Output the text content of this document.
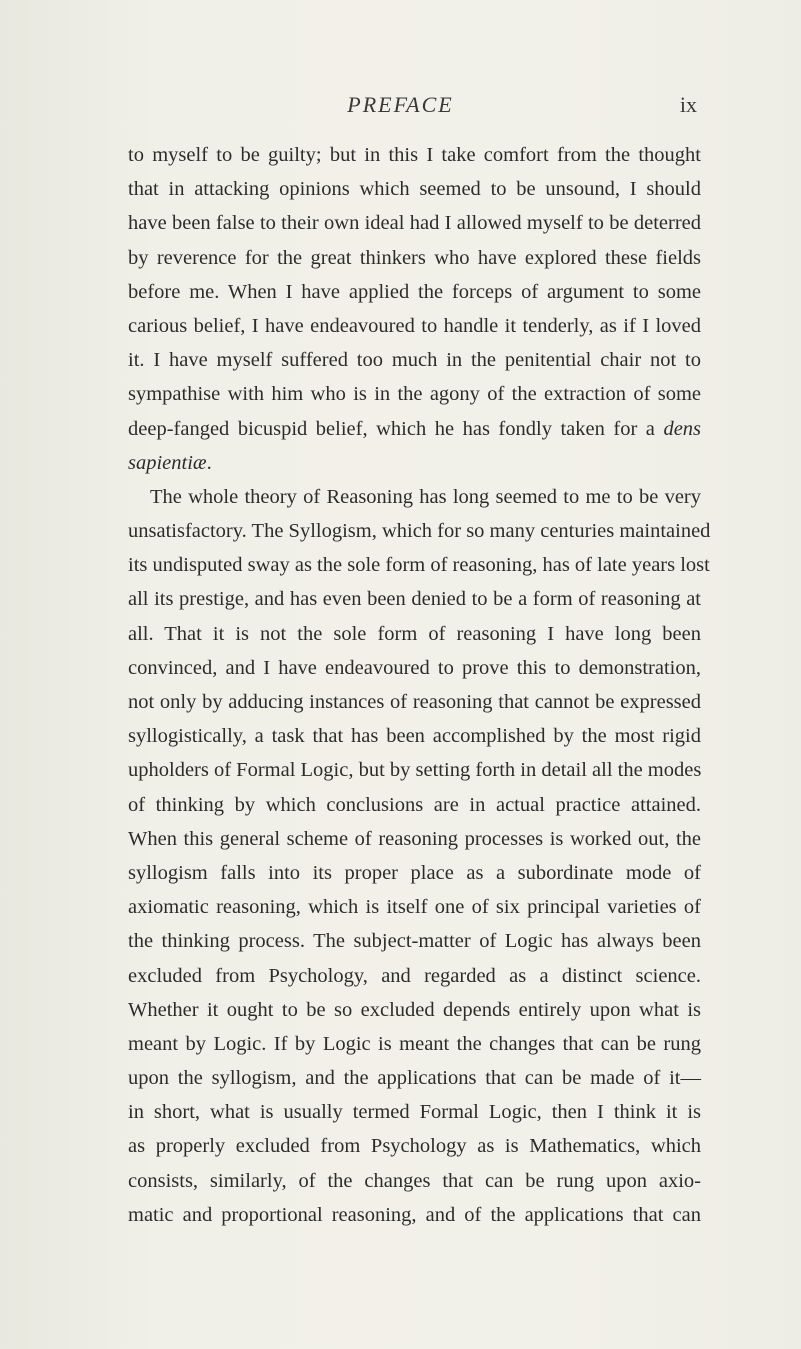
PREFACE	ix
to myself to be guilty; but in this I take comfort from the thought
that in attacking opinions which seemed to be unsound, I should
have been false to their own ideal had I allowed myself to be deterred
by reverence for the great thinkers who have explored these fields
before me. When I have applied the forceps of argument to some
carious belief, I have endeavoured to handle it tenderly, as if I loved
it. I have myself suffered too much in the penitential chair not to
sympathise with him who is in the agony of the extraction of some
deep-fanged bicuspid belief, which he has fondly taken for a dens
sapientiæ.
The whole theory of Reasoning has long seemed to me to be very
unsatisfactory. The Syllogism, which for so many centuries maintained
its undisputed sway as the sole form of reasoning, has of late years lost
all its prestige, and has even been denied to be a form of reasoning at
all. That it is not the sole form of reasoning I have long been
convinced, and I have endeavoured to prove this to demonstration,
not only by adducing instances of reasoning that cannot be expressed
syllogistically, a task that has been accomplished by the most rigid
upholders of Formal Logic, but by setting forth in detail all the modes
of thinking by which conclusions are in actual practice attained.
When this general scheme of reasoning processes is worked out, the
syllogism falls into its proper place as a subordinate mode of
axiomatic reasoning, which is itself one of six principal varieties of
the thinking process. The subject-matter of Logic has always been
excluded from Psychology, and regarded as a distinct science.
Whether it ought to be so excluded depends entirely upon what is
meant by Logic. If by Logic is meant the changes that can be rung
upon the syllogism, and the applications that can be made of it—
in short, what is usually termed Formal Logic, then I think it is
as properly excluded from Psychology as is Mathematics, which
consists, similarly, of the changes that can be rung upon axio-
matic and proportional reasoning, and of the applications that can
